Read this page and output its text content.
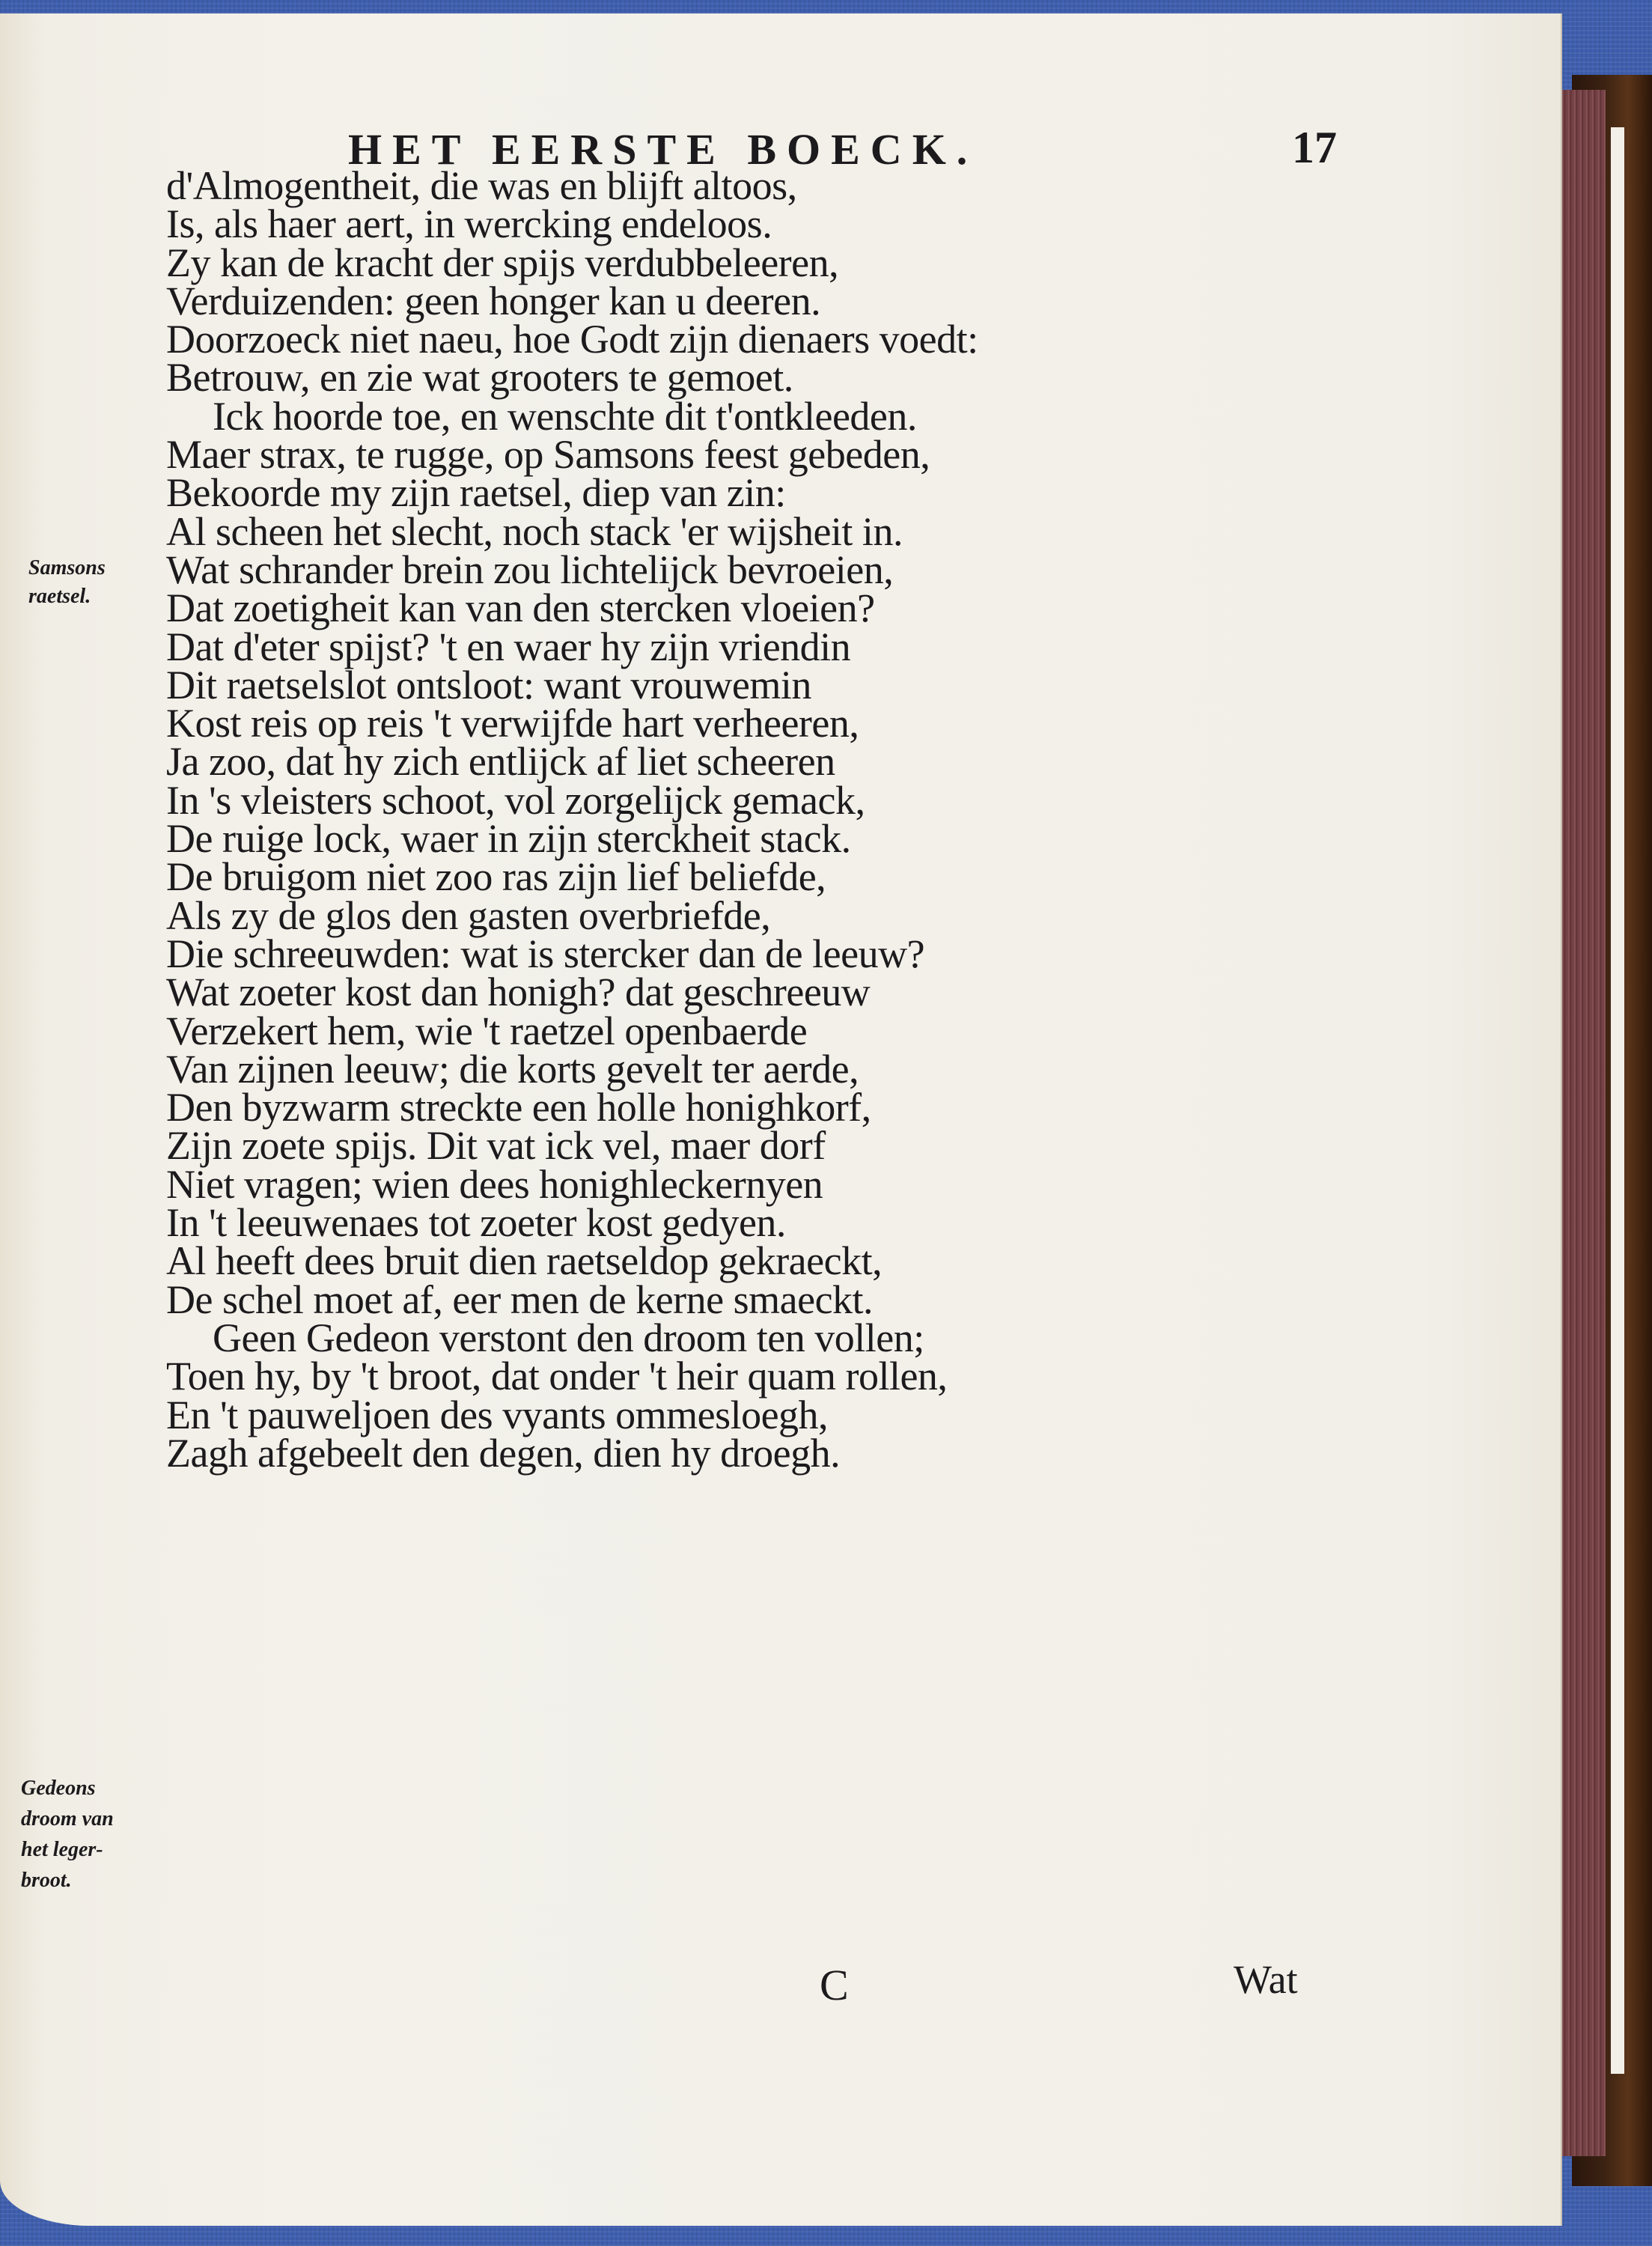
HET EERSTE BOECK.	17
Samsons
raetsel.
Gedeons
droom van
het leger-
broot.
d'Almogentheit, die was en blijft altoos,
Is, als haer aert, in wercking endeloos.
Zy kan de kracht der spijs verdubbeleeren,
Verduizenden: geen honger kan u deeren.
Doorzoeck niet naeu, hoe Godt zijn dienaers voedt:
Betrouw, en zie wat grooters te gemoet.
Ick hoorde toe, en wenschte dit t'ontkleeden.
Maer strax, te rugge, op Samsons feest gebeden,
Bekoorde my zijn raetsel, diep van zin:
Al scheen het slecht, noch stack 'er wijsheit in.
Wat schrander brein zou lichtelijck bevroeien,
Dat zoetigheit kan van den stercken vloeien?
Dat d'eter spijst? 't en waer hy zijn vriendin
Dit raetselslot ontsloot: want vrouwemin
Kost reis op reis 't verwijfde hart verheeren,
Ja zoo, dat hy zich entlijck af liet scheeren
In 's vleisters schoot, vol zorgelijck gemack,
De ruige lock, waer in zijn sterckheit stack.
De bruigom niet zoo ras zijn lief beliefde,
Als zy de glos den gasten overbriefde,
Die schreeuwden: wat is stercker dan de leeuw?
Wat zoeter kost dan honigh? dat geschreeuw
Verzekert hem, wie 't raetzel openbaerde
Van zijnen leeuw; die korts gevelt ter aerde,
Den byzwarm streckte een holle honighkorf,
Zijn zoete spijs. Dit vat ick vel, maer dorf
Niet vragen; wien dees honighleckernyen
In 't leeuwenaes tot zoeter kost gedyen.
Al heeft dees bruit dien raetseldop gekraeckt,
De schel moet af, eer men de kerne smaeckt.
Geen Gedeon verstont den droom ten vollen;
Toen hy, by 't broot, dat onder 't heir quam rollen,
En 't pauweljoen des vyants ommesloegh,
Zagh afgebeelt den degen, dien hy droegh.
C	Wat
